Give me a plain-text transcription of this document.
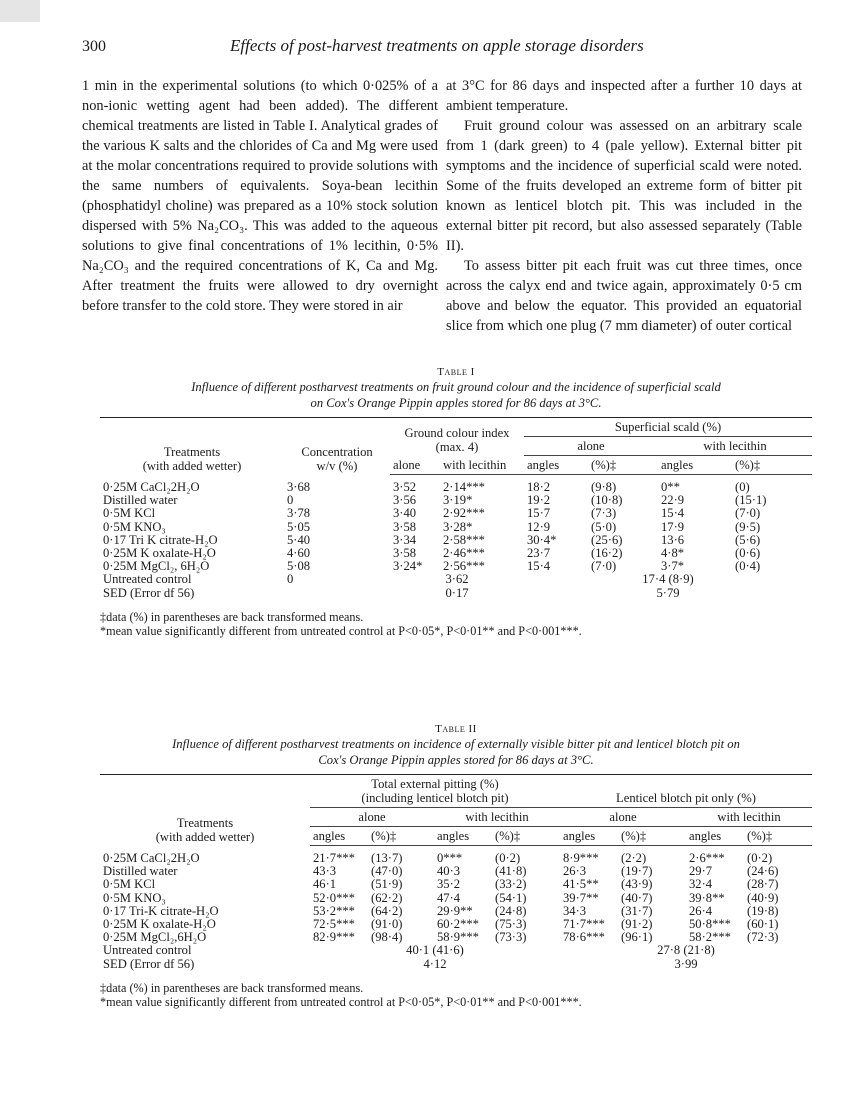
300	Effects of post-harvest treatments on apple storage disorders

1 min in the experimental solutions (to which 0·025% of a non-ionic wetting agent had been added). The different chemical treatments are listed in Table I. Analytical grades of the various K salts and the chlorides of Ca and Mg were used at the molar concentrations required to provide solutions with the same numbers of equivalents. Soya-bean lecithin (phosphatidyl choline) was prepared as a 10% stock solution dispersed with 5% Na₂CO₃. This was added to the aqueous solutions to give final concentrations of 1% lecithin, 0·5% Na₂CO₃ and the required concentrations of K, Ca and Mg. After treatment the fruits were allowed to dry overnight before transfer to the cold store. They were stored in air

at 3°C for 86 days and inspected after a further 10 days at ambient temperature.

Fruit ground colour was assessed on an arbitrary scale from 1 (dark green) to 4 (pale yellow). External bitter pit symptoms and the incidence of superficial scald were noted. Some of the fruits developed an extreme form of bitter pit known as lenticel blotch pit. This was included in the external bitter pit record, but also assessed separately (Table II).

To assess bitter pit each fruit was cut three times, once across the calyx end and twice again, approximately 0·5 cm above and below the equator. This provided an equatorial slice from which one plug (7 mm diameter) of outer cortical

Table I
Influence of different postharvest treatments on fruit ground colour and the incidence of superficial scald
on Cox's Orange Pippin apples stored for 86 days at 3°C.
Treatments
(with added wetter)	Concentration
w/v (%)	Ground colour index
(max. 4)		Superficial scald (%)			
				alone		with lecithin	
		alone	with lecithin	angles	(%)‡	angles	(%)‡
0·25M CaCl₂2H₂O	3·68	3·52	2·14***	18·2	(9·8)	0**	(0)
Distilled water	0	3·56	3·19*	19·2	(10·8)	22·9	(15·1)
0·5M KCl	3·78	3·40	2·92***	15·7	(7·3)	15·4	(7·0)
0·5M KNO₃	5·05	3·58	3·28*	12·9	(5·0)	17·9	(9·5)
0·17 Tri K citrate-H₂O	5·40	3·34	2·58***	30·4*	(25·6)	13·6	(5·6)
0·25M K oxalate-H₂O	4·60	3·58	2·46***	23·7	(16·2)	4·8*	(0·6)
0·25M MgCl₂, 6H₂O	5·08	3·24*	2·56***	15·4	(7·0)	3·7*	(0·4)
Untreated control	0	3·62		17·4 (8·9)			
SED (Error df 56)		0·17		5·79			

‡data (%) in parentheses are back transformed means.

*mean value significantly different from untreated control at P<0·05*, P<0·01** and P<0·001***.

Table II
Influence of different postharvest treatments on incidence of externally visible bitter pit and lenticel blotch pit on
Cox's Orange Pippin apples stored for 86 days at 3°C.
Treatments
(with added wetter)	Total external pitting (%)
(including lenticel blotch pit)				Lenticel blotch pit only (%)			
	alone		with lecithin		alone		with lecithin	
	angles	(%)‡	angles	(%)‡	angles	(%)‡	angles	(%)‡
0·25M CaCl₂2H₂O	21·7***	(13·7)	0***	(0·2)	8·9***	(2·2)	2·6***	(0·2)
Distilled water	43·3	(47·0)	40·3	(41·8)	26·3	(19·7)	29·7	(24·6)
0·5M KCl	46·1	(51·9)	35·2	(33·2)	41·5**	(43·9)	32·4	(28·7)
0·5M KNO₃	52·0***	(62·2)	47·4	(54·1)	39·7**	(40·7)	39·8**	(40·9)
0·17 Tri-K citrate-H₂O	53·2***	(64·2)	29·9**	(24·8)	34·3	(31·7)	26·4	(19·8)
0·25M K oxalate-H₂O	72·5***	(91·0)	60·2***	(75·3)	71·7***	(91·2)	50·8***	(60·1)
0·25M MgCl₂,6H₂O	82·9***	(98·4)	58·9***	(73·3)	78·6***	(96·1)	58·2***	(72·3)
Untreated control	40·1 (41·6)				27·8 (21·8)			
SED (Error df 56)	4·12				3·99			

‡data (%) in parentheses are back transformed means.

*mean value significantly different from untreated control at P<0·05*, P<0·01** and P<0·001***.
